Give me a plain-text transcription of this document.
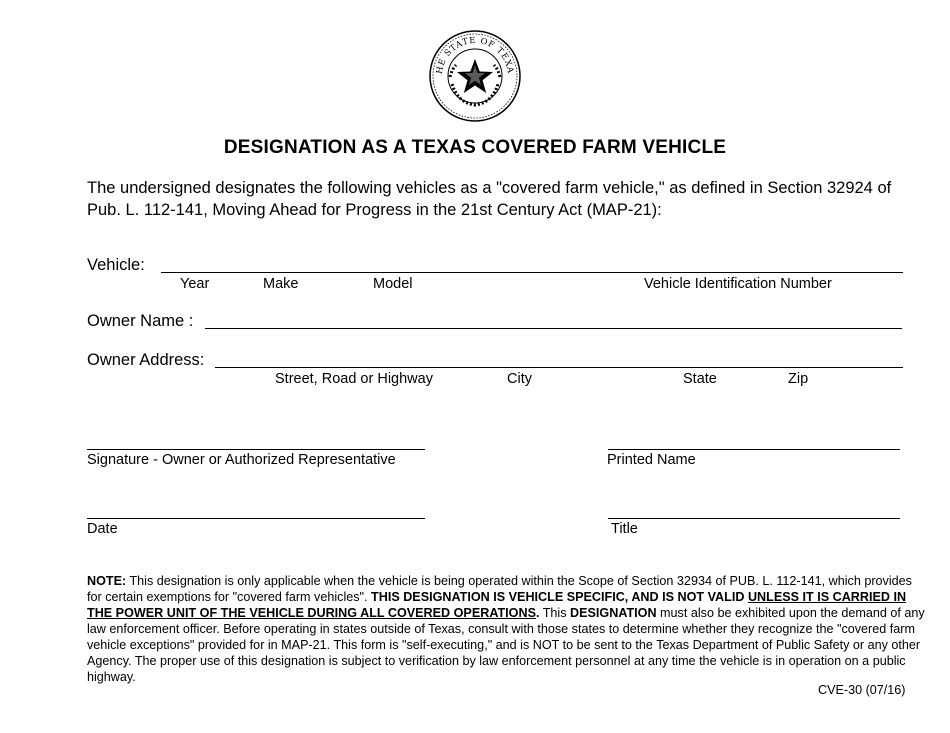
HE STATE OF TEXA
DESIGNATION AS A TEXAS COVERED FARM VEHICLE
The undersigned designates the following vehicles as a "covered farm vehicle," as defined in Section 32924 of Pub. L. 112-141, Moving Ahead for Progress in the 21st Century Act (MAP-21):
Vehicle:
Year	Make	Model	Vehicle Identification Number
Owner Name :
Owner Address:
Street, Road or Highway	City	State	Zip
Signature - Owner or Authorized Representative	Printed Name
Date	Title
NOTE: This designation is only applicable when the vehicle is being operated within the Scope of Section 32934 of PUB. L. 112-141, which provides for certain exemptions for "covered farm vehicles". THIS DESIGNATION IS VEHICLE SPECIFIC, AND IS NOT VALID UNLESS IT IS CARRIED IN THE POWER UNIT OF THE VEHICLE DURING ALL COVERED OPERATIONS. This DESIGNATION must also be exhibited upon the demand of any law enforcement officer. Before operating in states outside of Texas, consult with those states to determine whether they recognize the "covered farm vehicle exceptions" provided for in MAP-21. This form is "self-executing," and is NOT to be sent to the Texas Department of Public Safety or any other Agency. The proper use of this designation is subject to verification by law enforcement personnel at any time the vehicle is in operation on a public highway.
CVE-30 (07/16)
